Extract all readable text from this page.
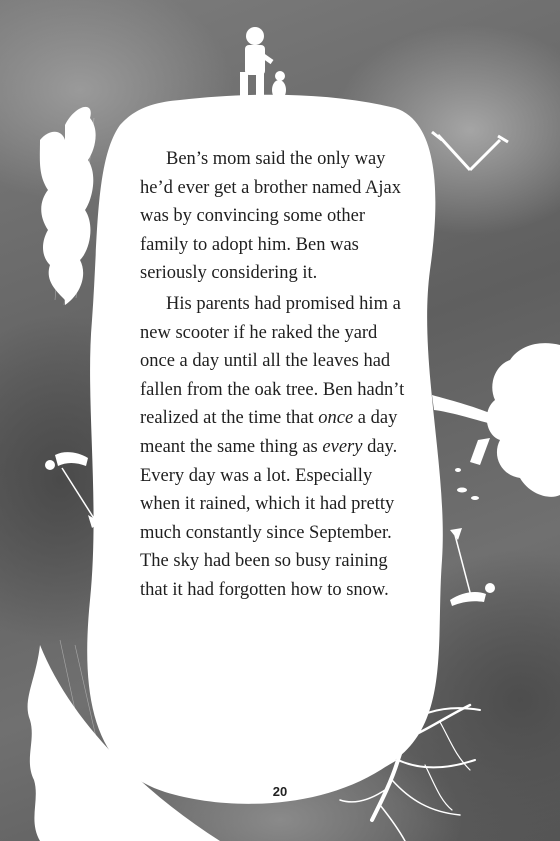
Ben’s mom said the only way he’d ever get a brother named Ajax was by convincing some other family to adopt him. Ben was seriously considering it.

His parents had promised him a new scooter if he raked the yard once a day until all the leaves had fallen from the oak tree. Ben hadn’t realized at the time that once a day meant the same thing as every day. Every day was a lot. Especially when it rained, which it had pretty much constantly since September. The sky had been so busy raining that it had forgotten how to snow.

20
